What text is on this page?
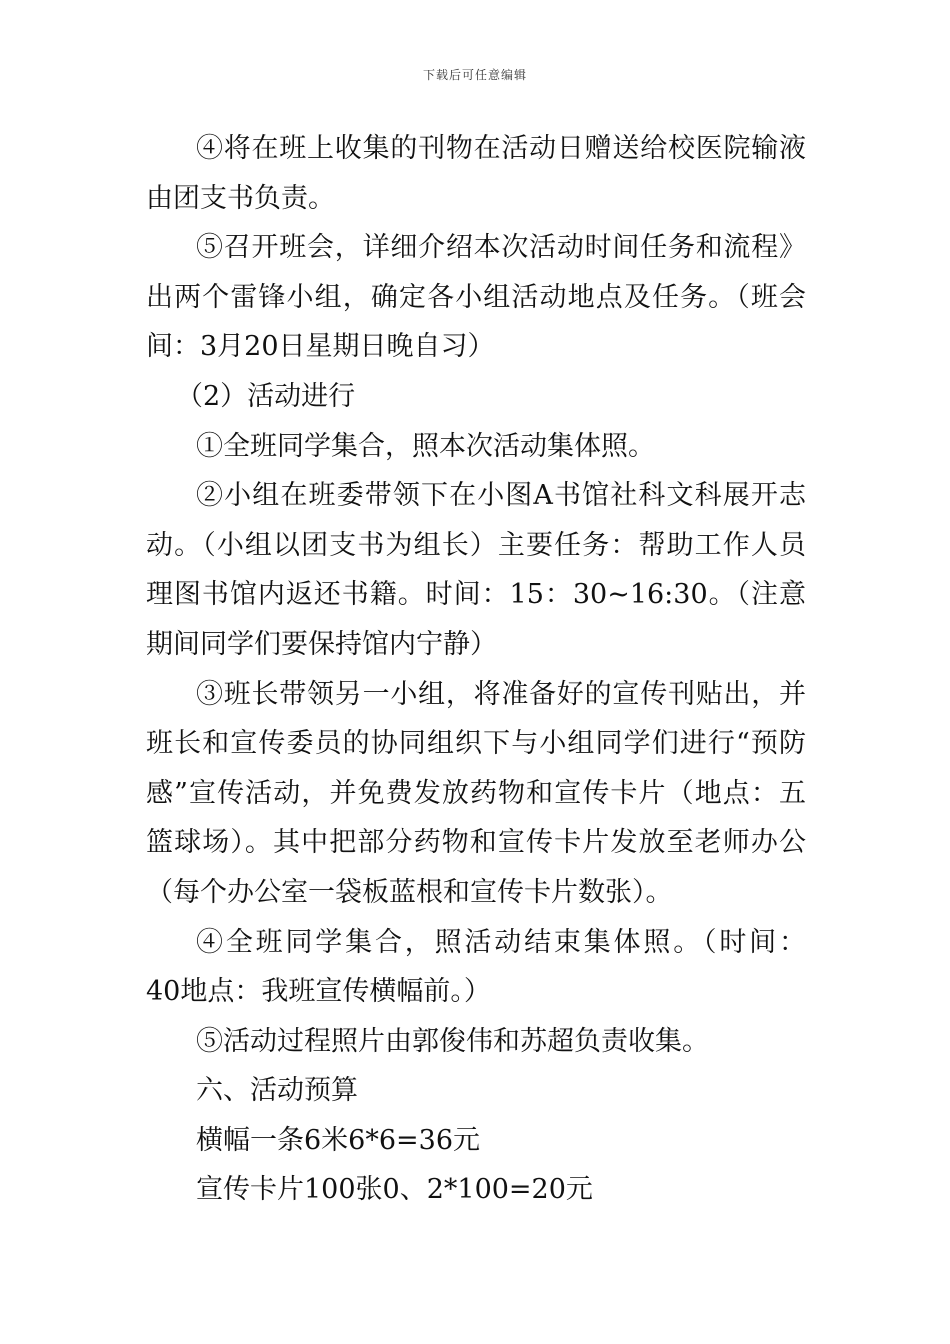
下载后可任意编辑
④将在班上收集的刊物在活动日赠送给校医院输液
由团支书负责。
⑤召开班会，详细介绍本次活动时间任务和流程》
出两个雷锋小组，确定各小组活动地点及任务。（班会
间：3月20日星期日晚自习）
（2）活动进行
①全班同学集合，照本次活动集体照。
②小组在班委带领下在小图A书馆社科文科展开志
动。（小组以团支书为组长）主要任务：帮助工作人员
理图书馆内返还书籍。时间：15：30~16:30。（注意
期间同学们要保持馆内宁静）
③班长带领另一小组，将准备好的宣传刊贴出，并
班长和宣传委员的协同组织下与小组同学们进行“预防
感”宣传活动，并免费发放药物和宣传卡片（地点：五
篮球场）。其中把部分药物和宣传卡片发放至老师办公
（每个办公室一袋板蓝根和宣传卡片数张）。
④全班同学集合，照活动结束集体照。（时间：
40地点：我班宣传横幅前。）
⑤活动过程照片由郭俊伟和苏超负责收集。
六、活动预算
横幅一条6米6*6=36元
宣传卡片100张0、2*100=20元
